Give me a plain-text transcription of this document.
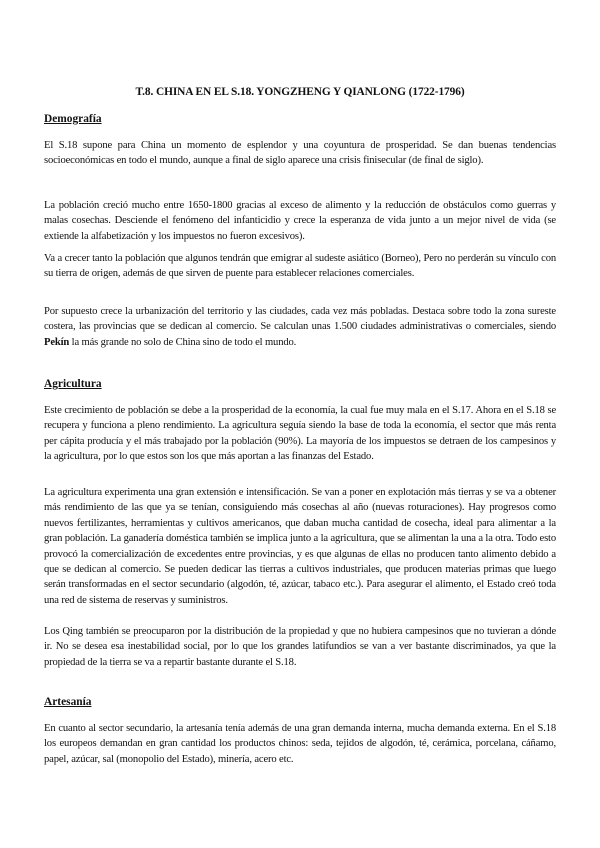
T.8. CHINA EN EL S.18. YONGZHENG Y QIANLONG (1722-1796)
Demografía

El S.18 supone para China un momento de esplendor y una coyuntura de prosperidad. Se dan buenas tendencias socioeconómicas en todo el mundo, aunque a final de siglo aparece una crisis finisecular (de final de siglo).

La población creció mucho entre 1650-1800 gracias al exceso de alimento y la reducción de obstáculos como guerras y malas cosechas. Desciende el fenómeno del infanticidio y crece la esperanza de vida junto a un mejor nivel de vida (se extiende la alfabetización y los impuestos no fueron excesivos).

Va a crecer tanto la población que algunos tendrán que emigrar al sudeste asiático (Borneo), Pero no perderán su vínculo con su tierra de origen, además de que sirven de puente para establecer relaciones comerciales.

Por supuesto crece la urbanización del territorio y las ciudades, cada vez más pobladas. Destaca sobre todo la zona sureste costera, las provincias que se dedican al comercio. Se calculan unas 1.500 ciudades administrativas o comerciales, siendo Pekín la más grande no solo de China sino de todo el mundo.

Agricultura

Este crecimiento de población se debe a la prosperidad de la economía, la cual fue muy mala en el S.17. Ahora en el S.18 se recupera y funciona a pleno rendimiento. La agricultura seguía siendo la base de toda la economía, el sector que más renta per cápita producía y el más trabajado por la población (90%). La mayoría de los impuestos se detraen de los campesinos y la agricultura, por lo que estos son los que más aportan a las finanzas del Estado.

La agricultura experimenta una gran extensión e intensificación. Se van a poner en explotación más tierras y se va a obtener más rendimiento de las que ya se tenían, consiguiendo más cosechas al año (nuevas roturaciones). Hay progresos como nuevos fertilizantes, herramientas y cultivos americanos, que daban mucha cantidad de cosecha, ideal para alimentar a la gran población. La ganadería doméstica también se implica junto a la agricultura, que se alimentan la una a la otra. Todo esto provocó la comercialización de excedentes entre provincias, y es que algunas de ellas no producen tanto alimento debido a que se dedican al comercio. Se pueden dedicar las tierras a cultivos industriales, que producen materias primas que luego serán transformadas en el sector secundario (algodón, té, azúcar, tabaco etc.). Para asegurar el alimento, el Estado creó toda una red de sistema de reservas y suministros.

Los Qing también se preocuparon por la distribución de la propiedad y que no hubiera campesinos que no tuvieran a dónde ir. No se desea esa inestabilidad social, por lo que los grandes latifundios se van a ver bastante discriminados, ya que la propiedad de la tierra se va a repartir bastante durante el S.18.

Artesanía

En cuanto al sector secundario, la artesanía tenía además de una gran demanda interna, mucha demanda externa. En el S.18 los europeos demandan en gran cantidad los productos chinos: seda, tejidos de algodón, té, cerámica, porcelana, cáñamo, papel, azúcar, sal (monopolio del Estado), minería, acero etc.
